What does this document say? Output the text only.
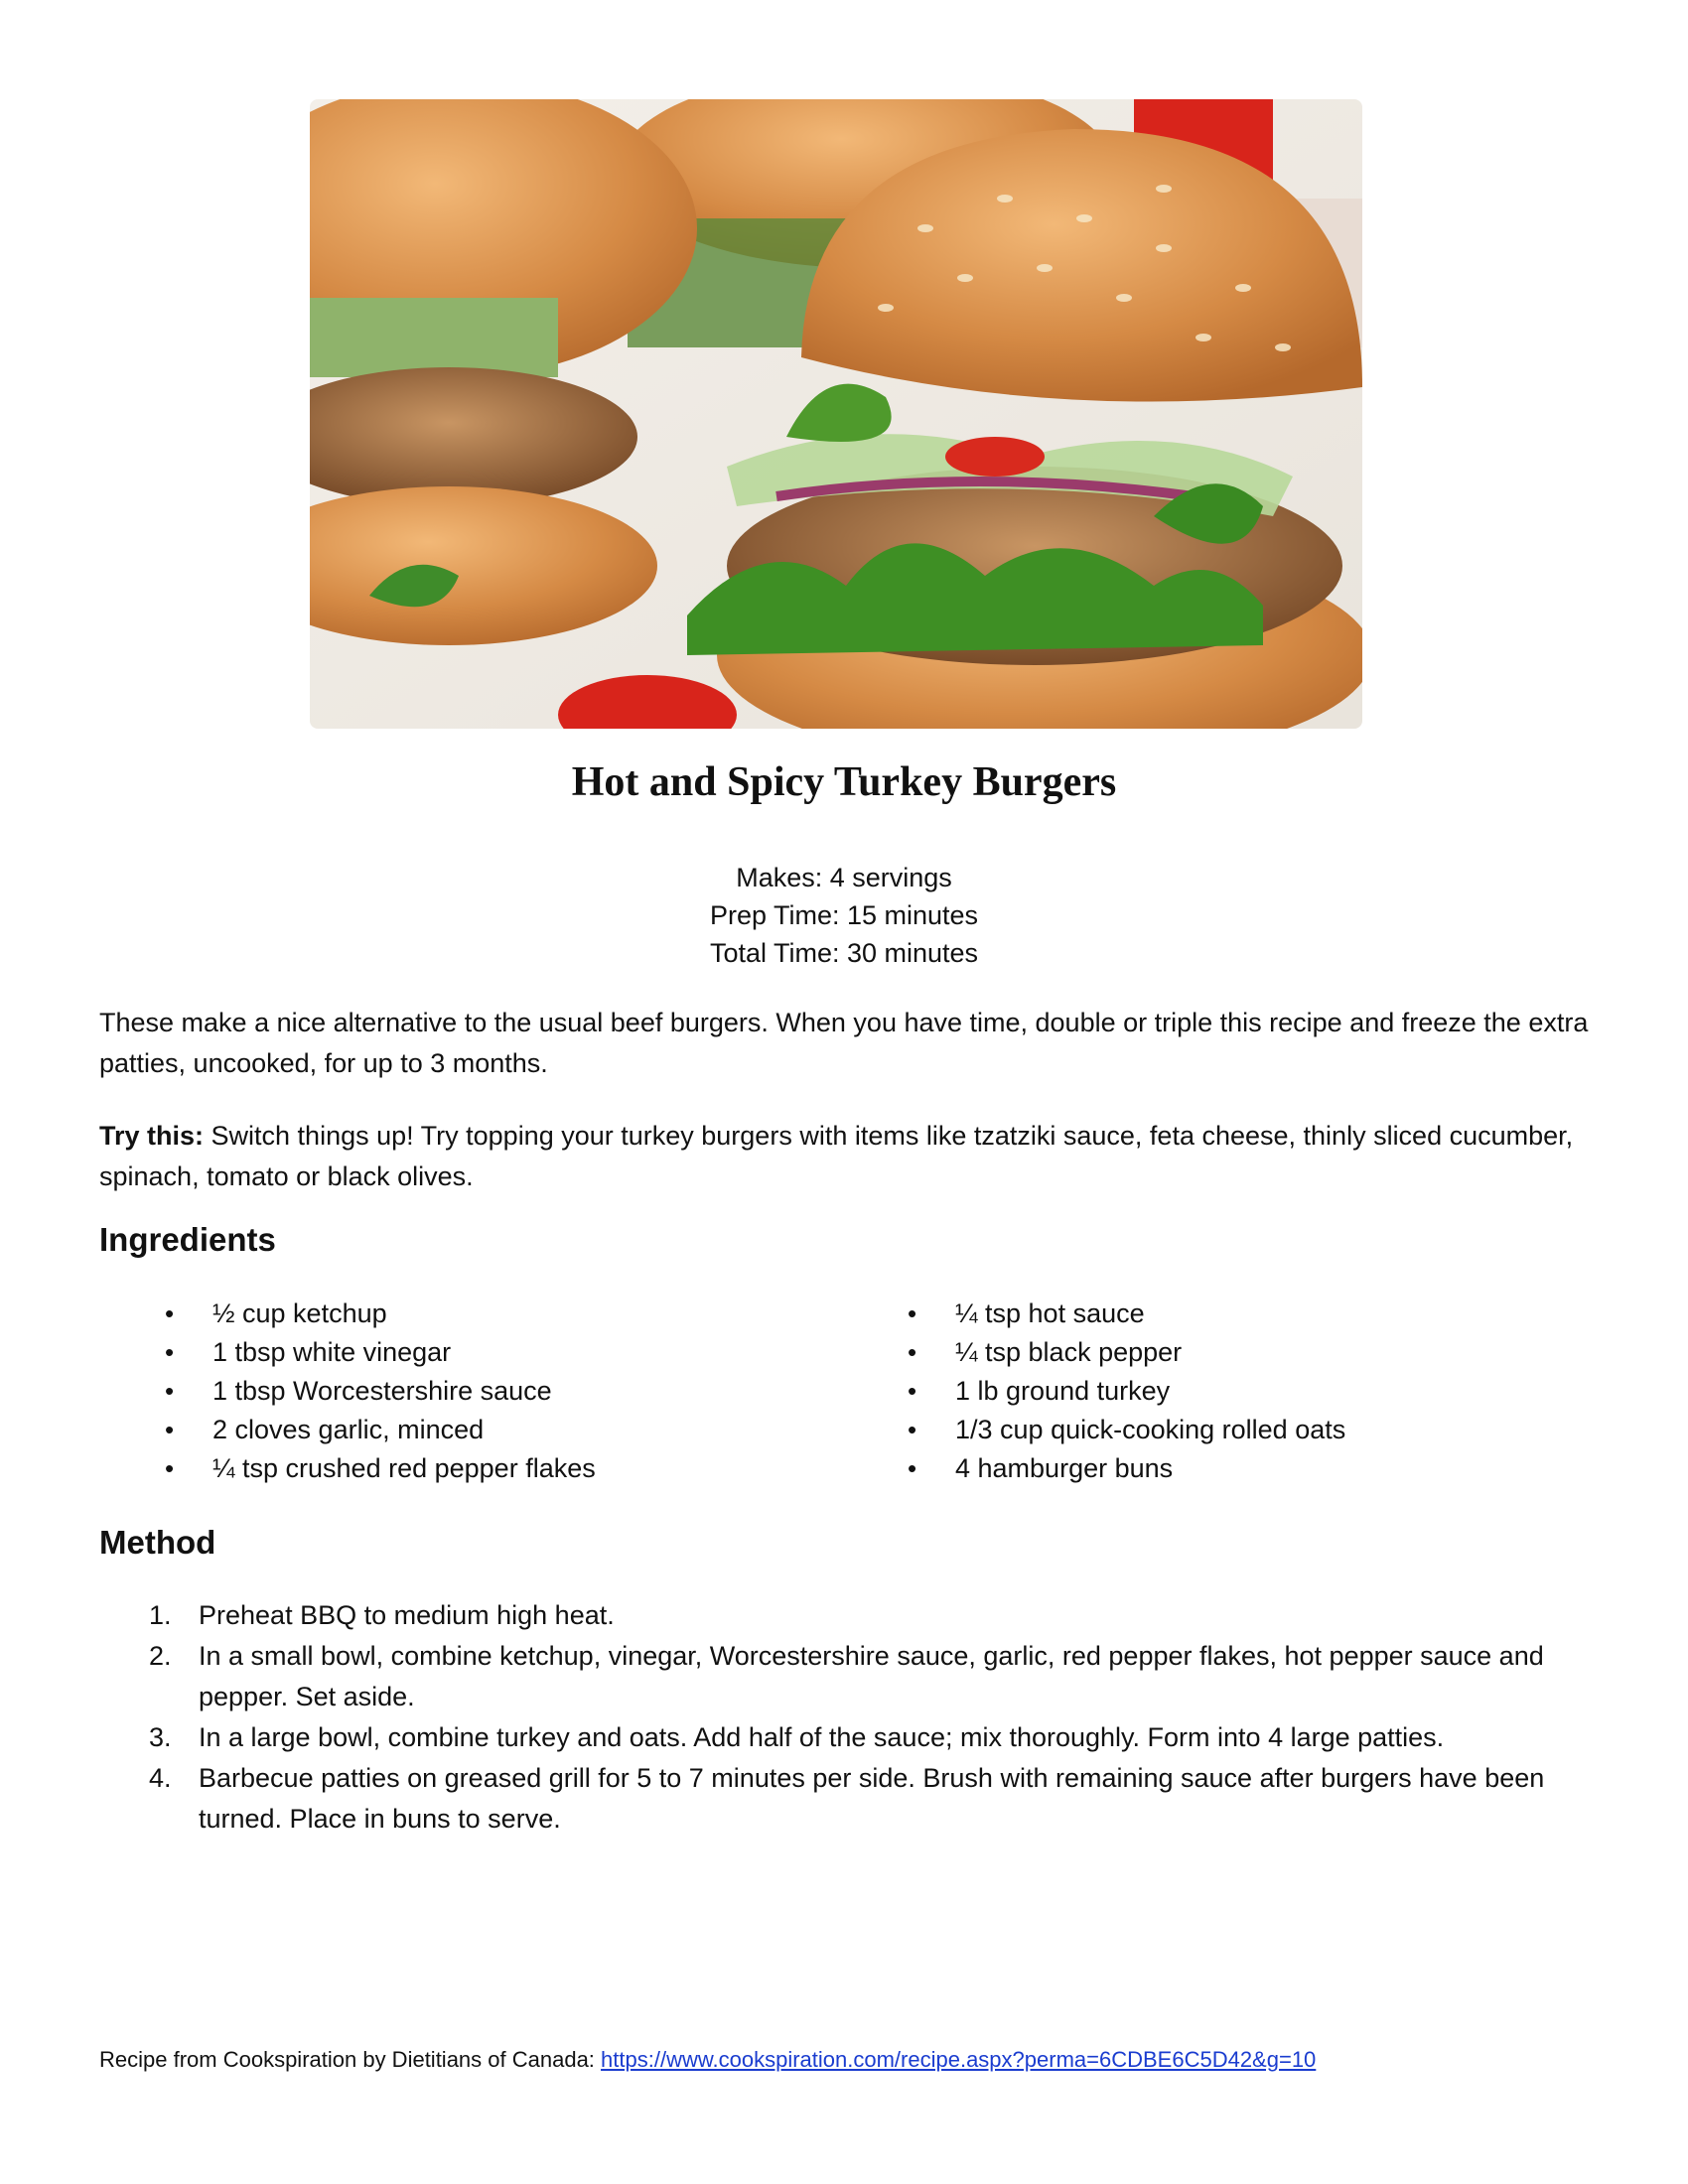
Hot and Spicy Turkey Burgers
Makes: 4 servings
Prep Time: 15 minutes
Total Time: 30 minutes
These make a nice alternative to the usual beef burgers. When you have time, double or triple this recipe and freeze the extra patties, uncooked, for up to 3 months.
Try this: Switch things up! Try topping your turkey burgers with items like tzatziki sauce, feta cheese, thinly sliced cucumber, spinach, tomato or black olives.
Ingredients
• ½ cup ketchup
• 1 tbsp white vinegar
• 1 tbsp Worcestershire sauce
• 2 cloves garlic, minced
• ¼ tsp crushed red pepper flakes
• ¼ tsp hot sauce
• ¼ tsp black pepper
• 1 lb ground turkey
• 1/3 cup quick-cooking rolled oats
• 4 hamburger buns
Method
1. Preheat BBQ to medium high heat.
2. In a small bowl, combine ketchup, vinegar, Worcestershire sauce, garlic, red pepper flakes, hot pepper sauce and pepper. Set aside.
3. In a large bowl, combine turkey and oats. Add half of the sauce; mix thoroughly. Form into 4 large patties.
4. Barbecue patties on greased grill for 5 to 7 minutes per side. Brush with remaining sauce after burgers have been turned. Place in buns to serve.
Recipe from Cookspiration by Dietitians of Canada: https://www.cookspiration.com/recipe.aspx?perma=6CDBE6C5D42&g=10
